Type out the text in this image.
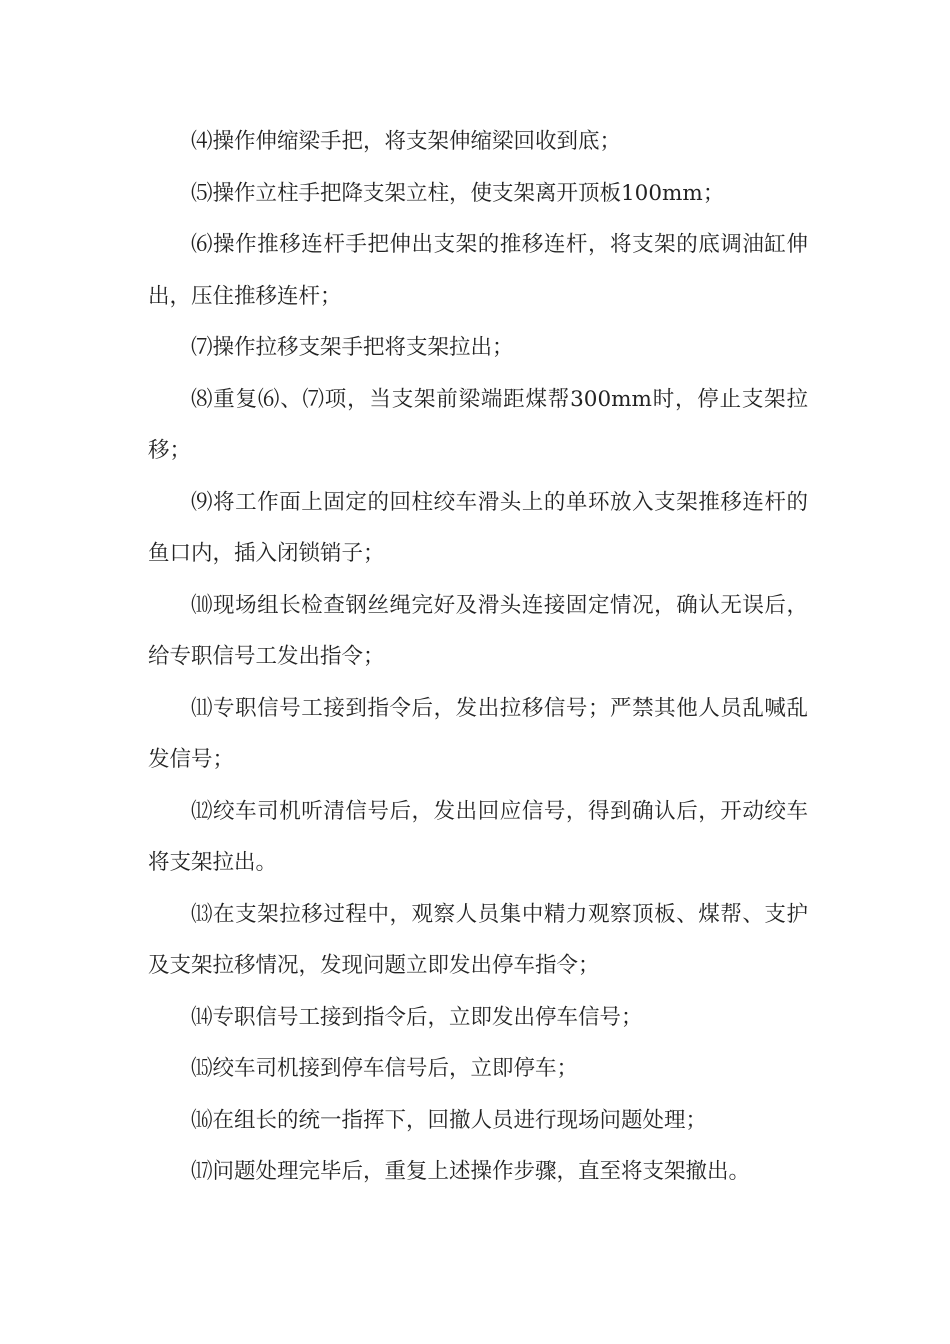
⑷操作伸缩梁手把，将支架伸缩梁回收到底；

⑸操作立柱手把降支架立柱，使支架离开顶板100mm；

⑹操作推移连杆手把伸出支架的推移连杆，将支架的底调油缸伸出，压住推移连杆；

⑺操作拉移支架手把将支架拉出；

⑻重复⑹、⑺项，当支架前梁端距煤帮300mm时，停止支架拉移；

⑼将工作面上固定的回柱绞车滑头上的单环放入支架推移连杆的鱼口内，插入闭锁销子；

⑽现场组长检查钢丝绳完好及滑头连接固定情况，确认无误后，给专职信号工发出指令；

⑾专职信号工接到指令后，发出拉移信号；严禁其他人员乱喊乱发信号；

⑿绞车司机听清信号后，发出回应信号，得到确认后，开动绞车将支架拉出。

⒀在支架拉移过程中，观察人员集中精力观察顶板、煤帮、支护及支架拉移情况，发现问题立即发出停车指令；

⒁专职信号工接到指令后，立即发出停车信号；

⒂绞车司机接到停车信号后，立即停车；

⒃在组长的统一指挥下，回撤人员进行现场问题处理；

⒄问题处理完毕后，重复上述操作步骤，直至将支架撤出。
